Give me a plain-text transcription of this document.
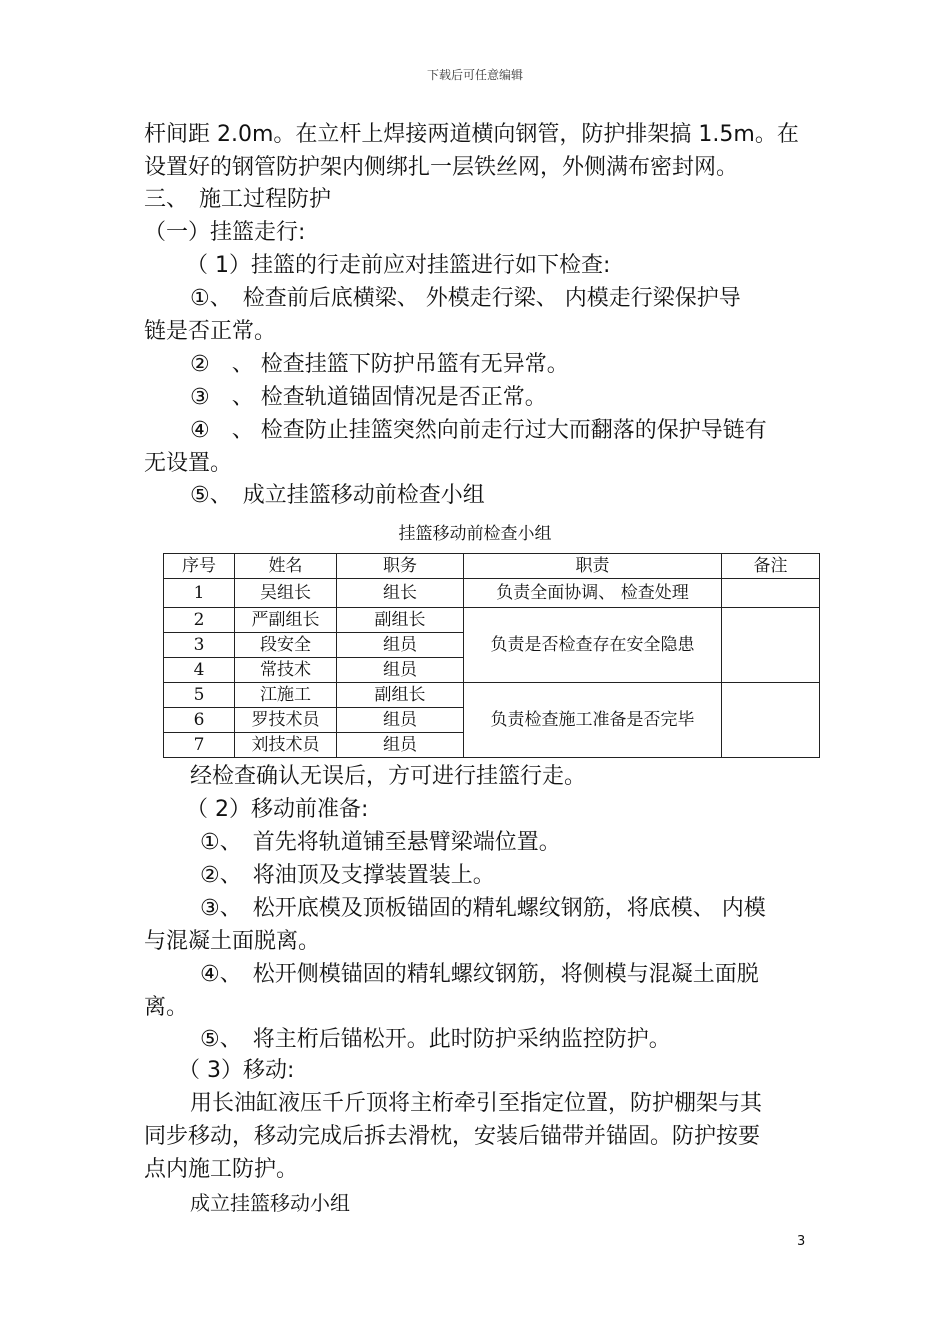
下载后可任意编辑
杆间距 2.0m。在立杆上焊接两道横向钢管，防护排架搞 1.5m。在
设置好的钢管防护架内侧绑扎一层铁丝网，外侧满布密封网。
三、　施工过程防护
（一）挂篮走行:
（ 1）挂篮的行走前应对挂篮进行如下检查:
①、　检查前后底横梁、 外模走行梁、 内模走行梁保护导
链是否正常。
②　、 检查挂篮下防护吊篮有无异常。
③　、 检查轨道锚固情况是否正常。
④　、 检查防止挂篮突然向前走行过大而翻落的保护导链有
无设置。
⑤、　成立挂篮移动前检查小组
挂篮移动前检查小组
序号	姓名	职务	职责	备注
1	吴组长	组长	负责全面协调、 检查处理	
2	严副组长	副组长	负责是否检查存在安全隐患	
3	段安全	组员		
4	常技术	组员		
5	江施工	副组长	负责检查施工准备是否完毕	
6	罗技术员	组员		
7	刘技术员	组员		
经检查确认无误后，方可进行挂篮行走。
（ 2）移动前准备:
①、　首先将轨道铺至悬臂梁端位置。
②、　将油顶及支撑装置装上。
③、　松开底模及顶板锚固的精轧螺纹钢筋，将底模、 内模
与混凝土面脱离。
④、　松开侧模锚固的精轧螺纹钢筋，将侧模与混凝土面脱
离。
⑤、　将主桁后锚松开。此时防护采纳监控防护。
（ 3）移动:
用长油缸液压千斤顶将主桁牵引至指定位置，防护棚架与其
同步移动，移动完成后拆去滑枕，安装后锚带并锚固。防护按要
点内施工防护。
成立挂篮移动小组
3
